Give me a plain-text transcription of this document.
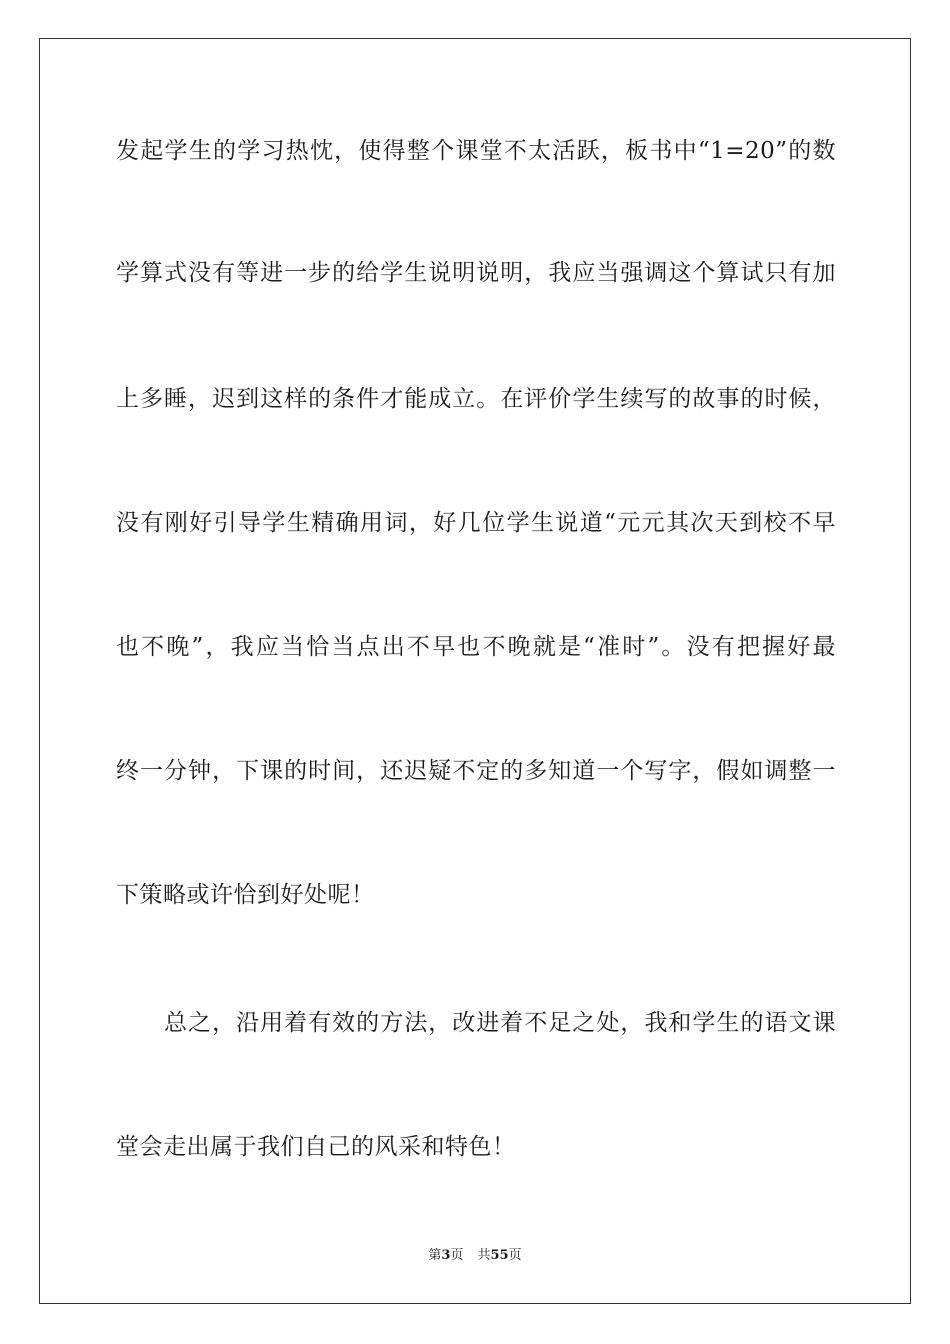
发起学生的学习热忱，使得整个课堂不太活跃，板书中“1=20”的数
学算式没有等进一步的给学生说明说明，我应当强调这个算试只有加
上多睡，迟到这样的条件才能成立。在评价学生续写的故事的时候，
没有刚好引导学生精确用词，好几位学生说道“元元其次天到校不早
也不晚”，我应当恰当点出不早也不晚就是“准时”。没有把握好最
终一分钟，下课的时间，还迟疑不定的多知道一个写字，假如调整一
下策略或许恰到好处呢！
　　总之，沿用着有效的方法，改进着不足之处，我和学生的语文课
堂会走出属于我们自己的风采和特色！
第3页 共55页
